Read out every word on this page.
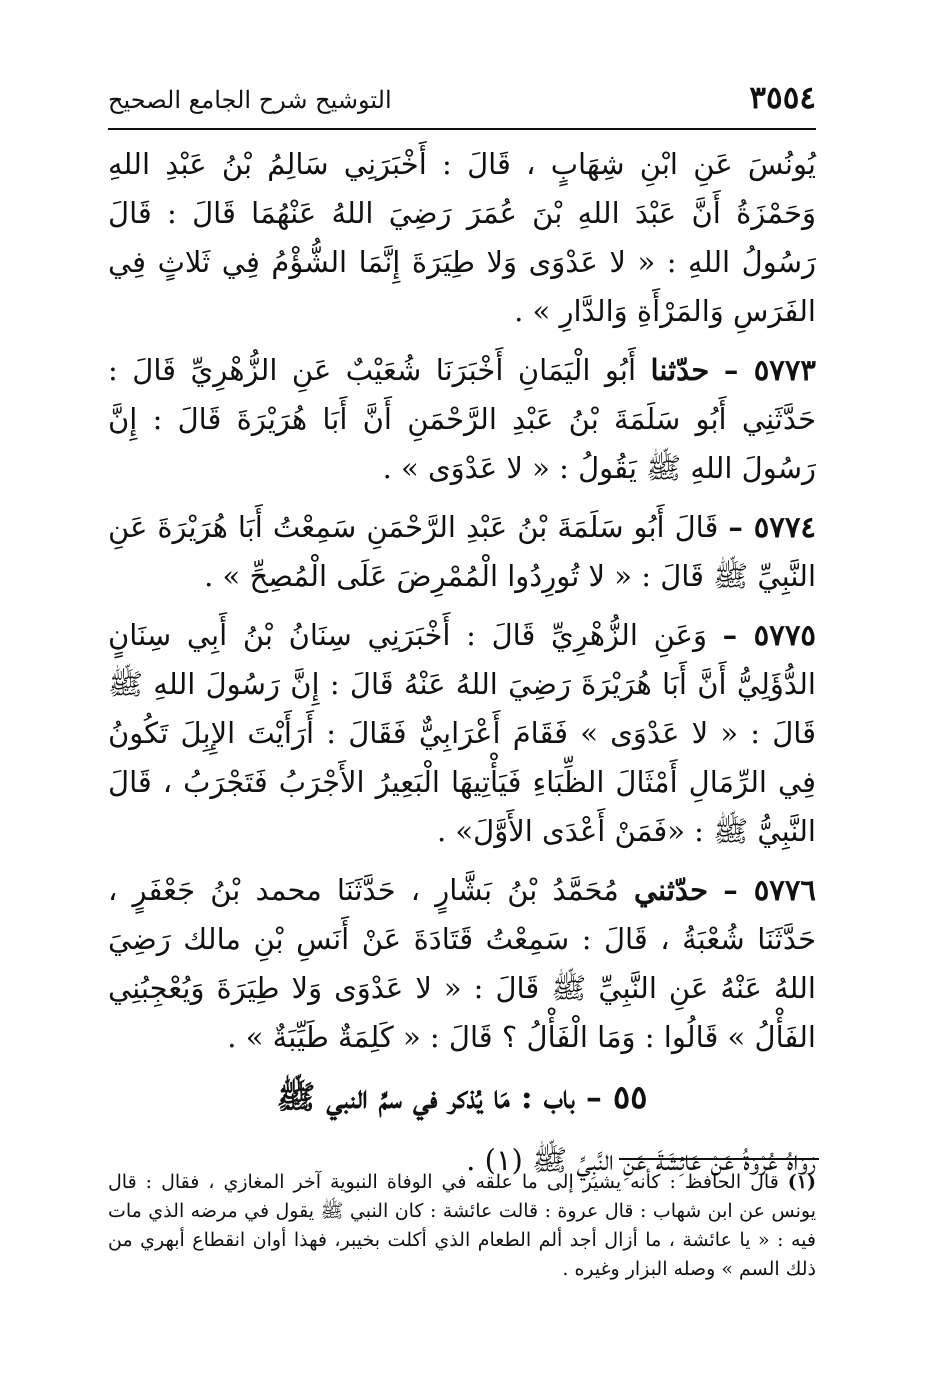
٣٥٥٤
التوشيح شرح الجامع الصحيح

يُونُسَ عَنِ ابْنِ شِهَابٍ ، قَالَ : أَخْبَرَنِي سَالِمُ بْنُ عَبْدِ اللهِ وَحَمْزَةُ أَنَّ عَبْدَ اللهِ بْنَ عُمَرَ رَضِيَ اللهُ عَنْهُمَا قَالَ : قَالَ رَسُولُ اللهِ : « لا عَدْوَى وَلا طِيَرَةَ إِنَّمَا الشُّؤْمُ فِي ثَلاثٍ فِي الفَرَسِ وَالمَرْأَةِ وَالدَّارِ » .

٥٧٧٣ – حدّثنا أَبُو الْيَمَانِ أَخْبَرَنَا شُعَيْبٌ عَنِ الزُّهْرِيِّ قَالَ : حَدَّثَنِي أَبُو سَلَمَةَ بْنُ عَبْدِ الرَّحْمَنِ أَنَّ أَبَا هُرَيْرَةَ قَالَ : إِنَّ رَسُولَ اللهِ ﷺ يَقُولُ : « لا عَدْوَى » .

٥٧٧٤ – قَالَ أَبُو سَلَمَةَ بْنُ عَبْدِ الرَّحْمَنِ سَمِعْتُ أَبَا هُرَيْرَةَ عَنِ النَّبِيِّ ﷺ قَالَ : « لا تُورِدُوا الْمُمْرِضَ عَلَى الْمُصِحِّ » .

٥٧٧٥ – وَعَنِ الزُّهْرِيِّ قَالَ : أَخْبَرَنِي سِنَانُ بْنُ أَبِي سِنَانٍ الدُّؤَلِيُّ أَنَّ أَبَا هُرَيْرَةَ رَضِيَ اللهُ عَنْهُ قَالَ : إِنَّ رَسُولَ اللهِ ﷺ قَالَ : « لا عَدْوَى » فَقَامَ أَعْرَابِيٌّ فَقَالَ : أَرَأَيْتَ الإِبِلَ تَكُونُ فِي الرِّمَالِ أَمْثَالَ الظِّبَاءِ فَيَأْتِيهَا الْبَعِيرُ الأَجْرَبُ فَتَجْرَبُ ، قَالَ النَّبِيُّ ﷺ : «فَمَنْ أَعْدَى الأَوَّلَ» .

٥٧٧٦ – حدّثني مُحَمَّدُ بْنُ بَشَّارٍ ، حَدَّثَنَا محمد بْنُ جَعْفَرٍ ، حَدَّثَنَا شُعْبَةُ ، قَالَ : سَمِعْتُ قَتَادَةَ عَنْ أَنَسِ بْنِ مالك رَضِيَ اللهُ عَنْهُ عَنِ النَّبِيِّ ﷺ قَالَ : « لا عَدْوَى وَلا طِيَرَةَ وَيُعْجِبُنِي الفَأْلُ » قَالُوا : وَمَا الْفَأْلُ ؟ قَالَ : « كَلِمَةٌ طَيِّبَةٌ » .

٥٥ – باب : مَا يُذكر في سمِّ النبي ﷺ

رَوَاهُ عُرْوَةُ عَنْ عَائِشَةَ عَنِ النَّبِيِّ ﷺ (١) .

(١) قال الحافظ : كأنه يشير إلى ما علقه في الوفاة النبوية آخر المغازي ، فقال : قال يونس عن ابن شهاب : قال عروة : قالت عائشة : كان النبي ﷺ يقول في مرضه الذي مات فيه : « يا عائشة ، ما أزال أجد ألم الطعام الذي أكلت بخيبر، فهذا أوان انقطاع أبهري من ذلك السم » وصله البزار وغيره .
